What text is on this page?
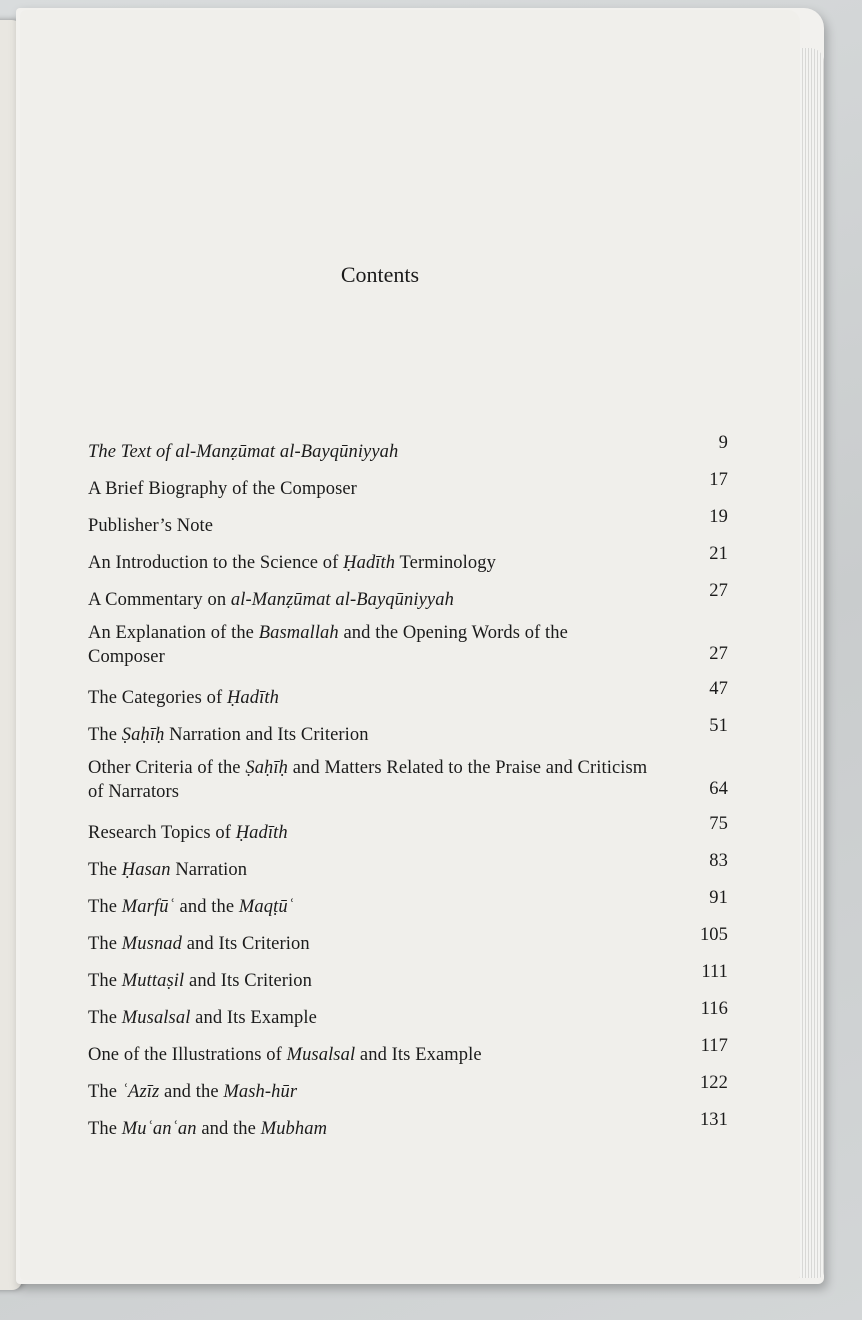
Contents
The Text of al-Manẓūmat al-Bayqūniyyah	9
A Brief Biography of the Composer	17
Publisher’s Note	19
An Introduction to the Science of Ḥadīth Terminology	21
A Commentary on al-Manẓūmat al-Bayqūniyyah	27
An Explanation of the Basmallah and the Opening Words of the Composer	27
The Categories of Ḥadīth	47
The Ṣaḥīḥ Narration and Its Criterion	51
Other Criteria of the Ṣaḥīḥ and Matters Related to the Praise and Criticism of Narrators	64
Research Topics of Ḥadīth	75
The Ḥasan Narration	83
The Marfūʿ and the Maqṭūʿ	91
The Musnad and Its Criterion	105
The Muttaṣil and Its Criterion	111
The Musalsal and Its Example	116
One of the Illustrations of Musalsal and Its Example	117
The ʿAzīz and the Mash-hūr	122
The Muʿanʿan and the Mubham	131
